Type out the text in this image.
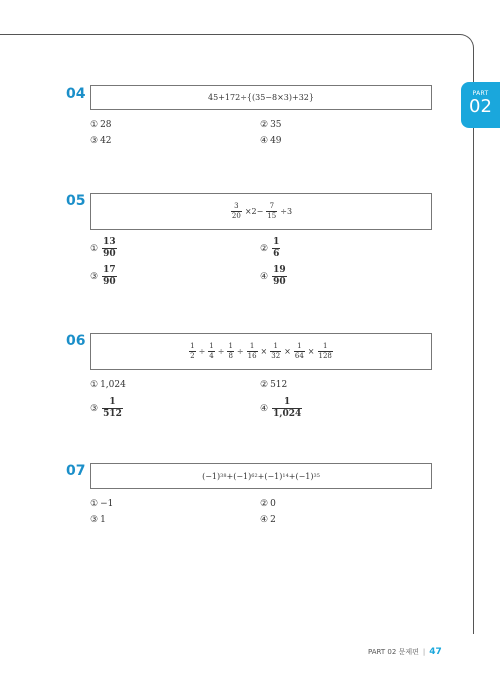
PART
02
04	45+172÷{(35−8×3)+32}
① 28	② 35
③ 42	④ 49
05
$\frac{3}{20} \times 2- \frac{7}{15} \div 3$
① $\frac{13}{90}$	② $\frac{1}{6}$
③ $\frac{17}{90}$	④ $\frac{19}{90}$
06
$\frac{1}{2} \div \frac{1}{4} \div \frac{1}{8} \div \frac{1}{16} \times \frac{1}{32} \times \frac{1}{64} \times \frac{1}{128}$
① 1,024	② 512
③ $\frac{1}{512}$	④ $\frac{1}{1,024}$
07	(−1) 38 + (−1) 62 + (−1) 14 + (−1) 35
① −1	② 0
③ 1	④ 2
PART 02
문제편 | 47
